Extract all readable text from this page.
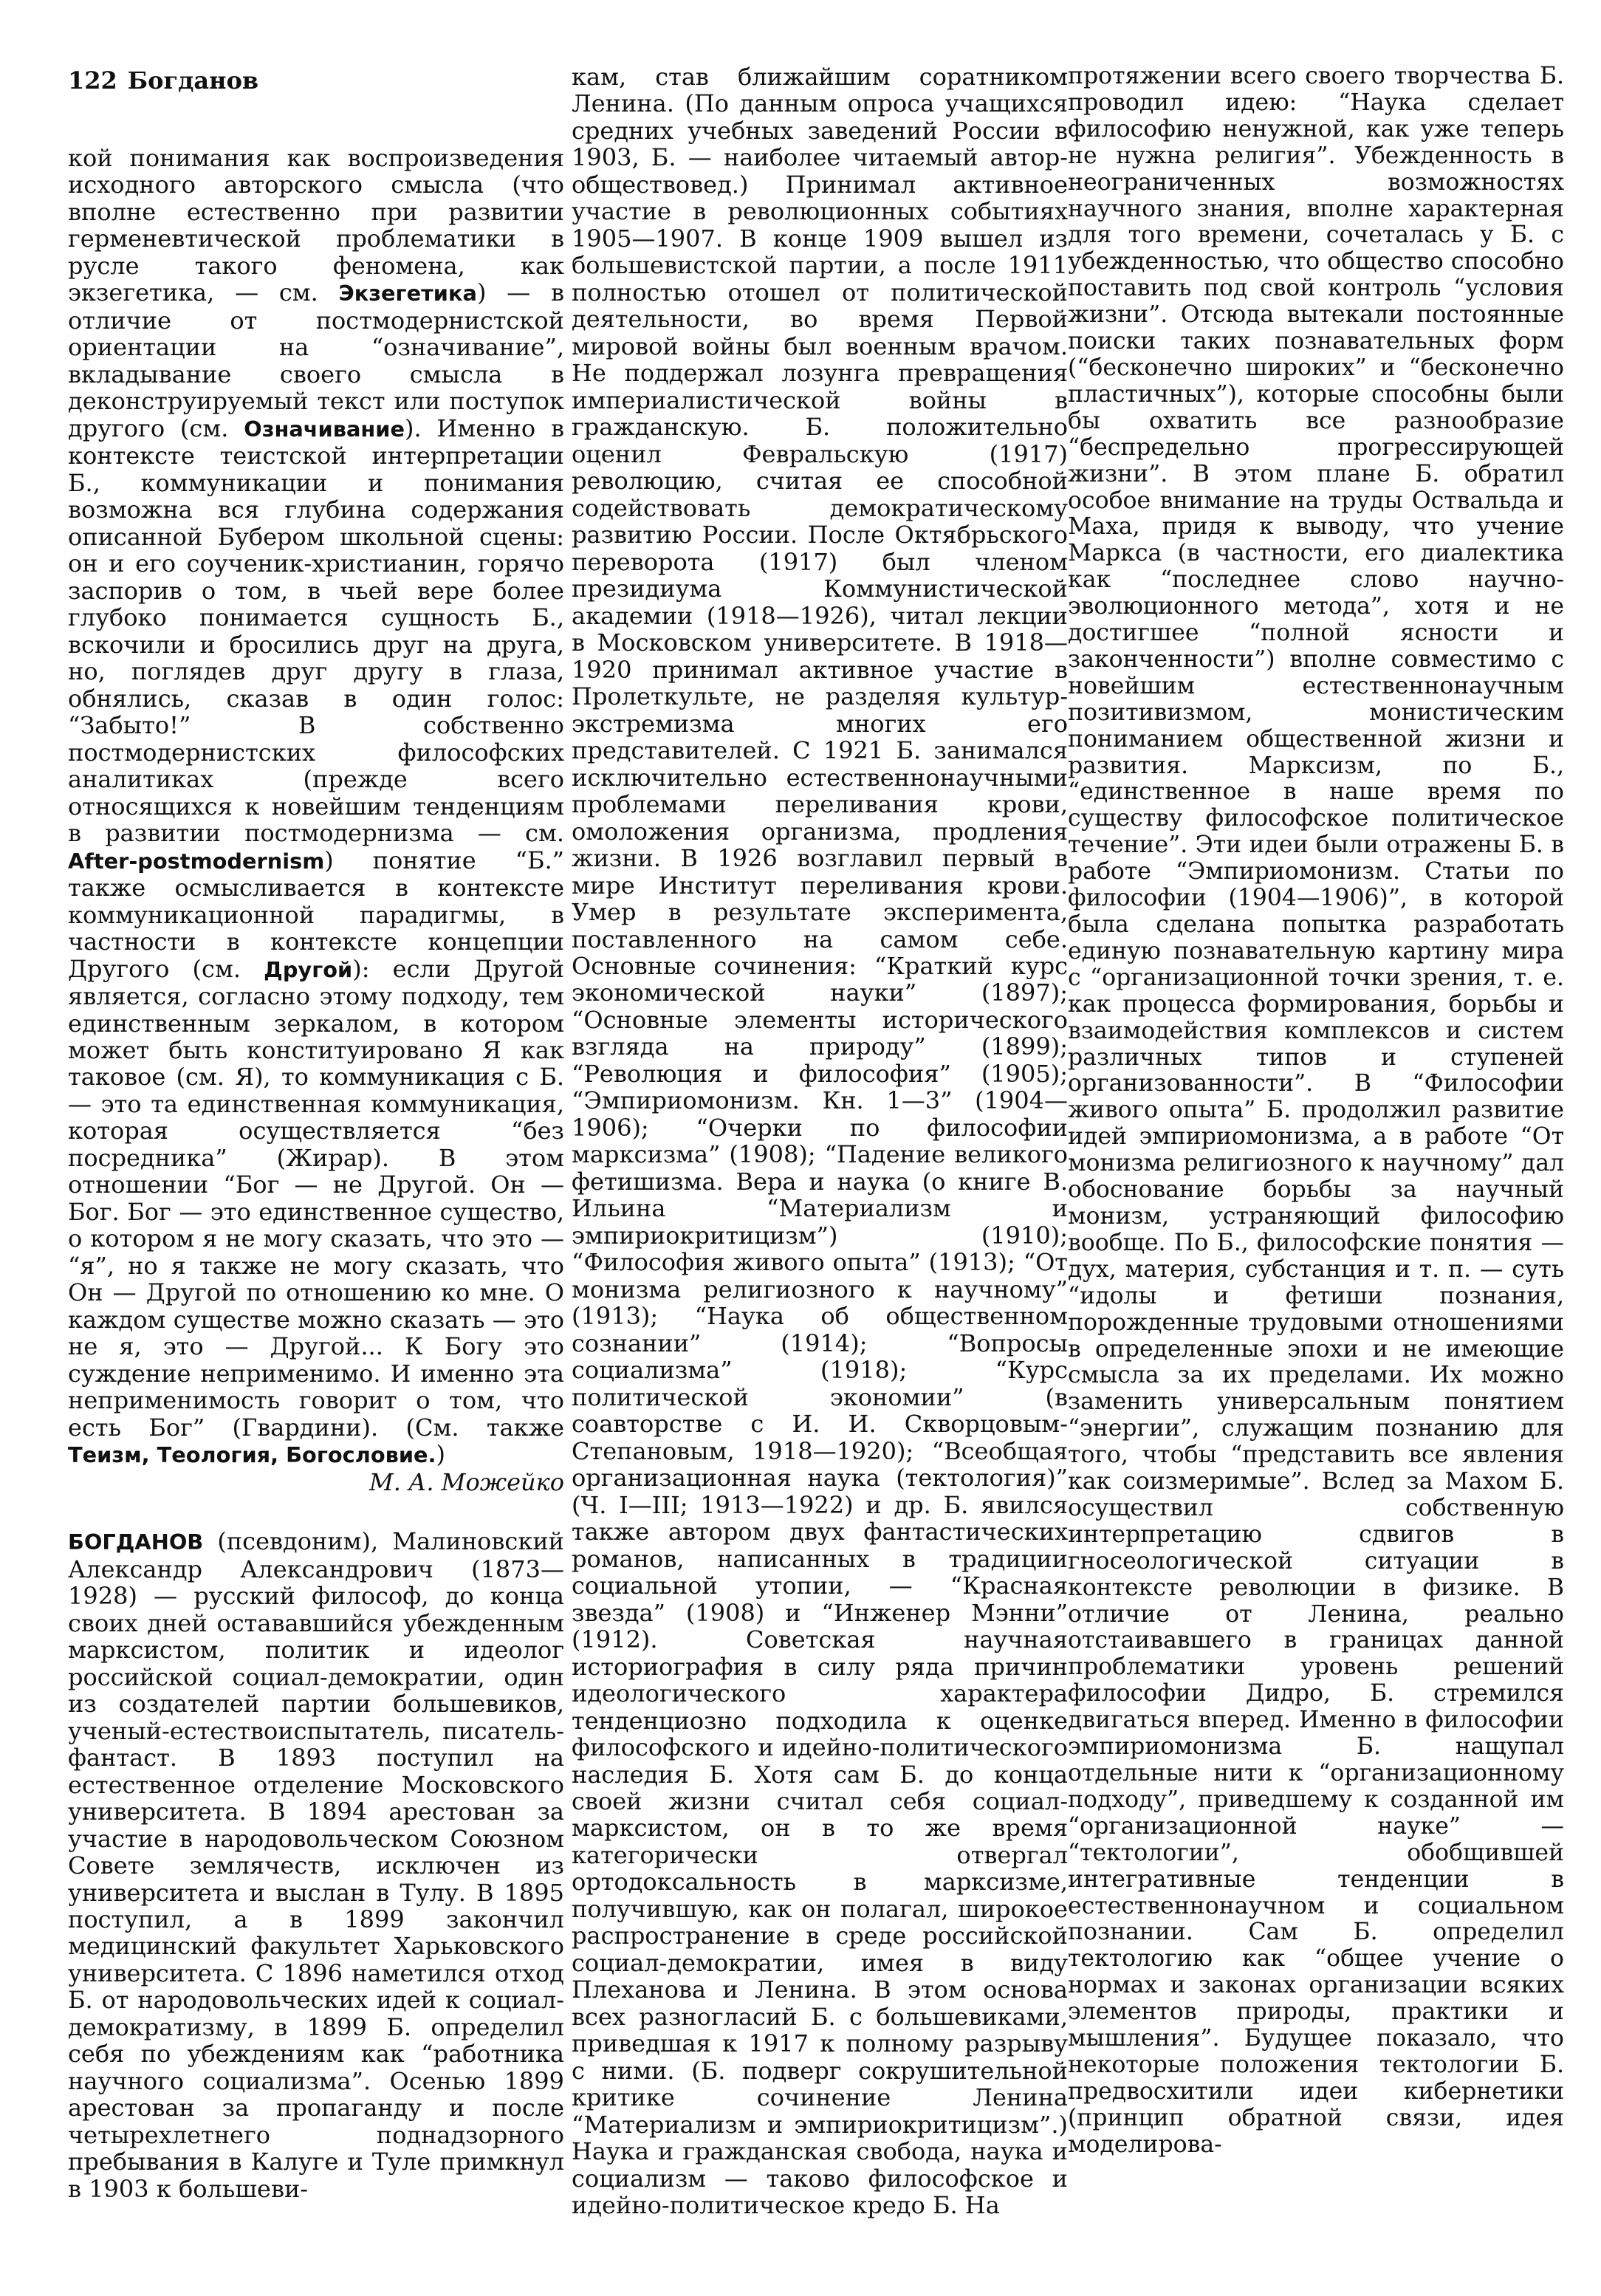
122 Богданов

кой понимания как воспроизведения исходного авторского смысла (что вполне естественно при развитии герменевтической проблематики в русле такого феномена, как экзегетика, — см. Экзегетика) — в отличие от постмодернистской ориентации на “означивание”, вкладывание своего смысла в деконструируемый текст или поступок другого (см. Означивание). Именно в контексте теистской интерпретации Б., коммуникации и понимания возможна вся глубина содержания описанной Бубером школьной сцены: он и его соученик-христианин, горячо заспорив о том, в чьей вере более глубоко понимается сущность Б., вскочили и бросились друг на друга, но, поглядев друг другу в глаза, обнялись, сказав в один голос: “Забыто!” В собственно постмодернистских философских аналитиках (прежде всего относящихся к новейшим тенденциям в развитии постмодернизма — см. After-postmodernism) понятие “Б.” также осмысливается в контексте коммуникационной парадигмы, в частности в контексте концепции Другого (см. Другой): если Другой является, согласно этому подходу, тем единственным зеркалом, в котором может быть конституировано Я как таковое (см. Я), то коммуникация с Б. — это та единственная коммуникация, которая осуществляется “без посредника” (Жирар). В этом отношении “Бог — не Другой. Он — Бог. Бог — это единственное существо, о котором я не могу сказать, что это — “я”, но я также не могу сказать, что Он — Другой по отношению ко мне. О каждом существе можно сказать — это не я, это — Другой... К Богу это суждение неприменимо. И именно эта неприменимость говорит о том, что есть Бог” (Гвардини). (См. также Теизм, Теология, Богословие.)

М. А. Можейко

БОГДАНОВ (псевдоним), Малиновский Александр Александрович (1873—1928) — русский философ, до конца своих дней остававшийся убежденным марксистом, политик и идеолог российской социал-демократии, один из создателей партии большевиков, ученый-естествоиспытатель, писатель-фантаст. В 1893 поступил на естественное отделение Московского университета. В 1894 арестован за участие в народовольческом Союзном Совете землячеств, исключен из университета и выслан в Тулу. В 1895 поступил, а в 1899 закончил медицинский факультет Харьковского университета. С 1896 наметился отход Б. от народовольческих идей к социал-демократизму, в 1899 Б. определил себя по убеждениям как “работника научного социализма”. Осенью 1899 арестован за пропаганду и после четырехлетнего поднадзорного пребывания в Калуге и Туле примкнул в 1903 к большеви-

кам, став ближайшим соратником Ленина. (По данным опроса учащихся средних учебных заведений России в 1903, Б. — наиболее читаемый автор-обществовед.) Принимал активное участие в революционных событиях 1905—1907. В конце 1909 вышел из большевистской партии, а после 1911 полностью отошел от политической деятельности, во время Первой мировой войны был военным врачом. Не поддержал лозунга превращения империалистической войны в гражданскую. Б. положительно оценил Февральскую (1917) революцию, считая ее способной содействовать демократическому развитию России. После Октябрьского переворота (1917) был членом президиума Коммунистической академии (1918—1926), читал лекции в Московском университете. В 1918—1920 принимал активное участие в Пролеткульте, не разделяя культур-экстремизма многих его представителей. С 1921 Б. занимался исключительно естественнонаучными проблемами переливания крови, омоложения организма, продления жизни. В 1926 возглавил первый в мире Институт переливания крови. Умер в результате эксперимента, поставленного на самом себе. Основные сочинения: “Краткий курс экономической науки” (1897); “Основные элементы исторического взгляда на природу” (1899); “Революция и философия” (1905); “Эмпириомонизм. Кн. 1—3” (1904—1906); “Очерки по философии марксизма” (1908); “Падение великого фетишизма. Вера и наука (о книге В. Ильина “Материализм и эмпириокритицизм”) (1910); “Философия живого опыта” (1913); “От монизма религиозного к научному” (1913); “Наука об общественном сознании” (1914); “Вопросы социализма” (1918); “Курс политической экономии” (в соавторстве с И. И. Скворцовым-Степановым, 1918—1920); “Всеобщая организационная наука (тектология)” (Ч. I—III; 1913—1922) и др. Б. явился также автором двух фантастических романов, написанных в традиции социальной утопии, — “Красная звезда” (1908) и “Инженер Мэнни” (1912). Советская научная историография в силу ряда причин идеологического характера тенденциозно подходила к оценке философского и идейно-политического наследия Б. Хотя сам Б. до конца своей жизни считал себя социал-марксистом, он в то же время категорически отвергал ортодоксальность в марксизме, получившую, как он полагал, широкое распространение в среде российской социал-демократии, имея в виду Плеханова и Ленина. В этом основа всех разногласий Б. с большевиками, приведшая к 1917 к полному разрыву с ними. (Б. подверг сокрушительной критике сочинение Ленина “Материализм и эмпириокритицизм”.) Наука и гражданская свобода, наука и социализм — таково философское и идейно-политическое кредо Б. На

протяжении всего своего творчества Б. проводил идею: “Наука сделает философию ненужной, как уже теперь не нужна религия”. Убежденность в неограниченных возможностях научного знания, вполне характерная для того времени, сочеталась у Б. с убежденностью, что общество способно поставить под свой контроль “условия жизни”. Отсюда вытекали постоянные поиски таких познавательных форм (“бесконечно широких” и “бесконечно пластичных”), которые способны были бы охватить все разнообразие “беспредельно прогрессирующей жизни”. В этом плане Б. обратил особое внимание на труды Оствальда и Маха, придя к выводу, что учение Маркса (в частности, его диалектика как “последнее слово научно-эволюционного метода”, хотя и не достигшее “полной ясности и законченности”) вполне совместимо с новейшим естественнонаучным позитивизмом, монистическим пониманием общественной жизни и развития. Марксизм, по Б., “единственное в наше время по существу философское политическое течение”. Эти идеи были отражены Б. в работе “Эмпириомонизм. Статьи по философии (1904—1906)”, в которой была сделана попытка разработать единую познавательную картину мира с “организационной точки зрения, т. е. как процесса формирования, борьбы и взаимодействия комплексов и систем различных типов и ступеней организованности”. В “Философии живого опыта” Б. продолжил развитие идей эмпириомонизма, а в работе “От монизма религиозного к научному” дал обоснование борьбы за научный монизм, устраняющий философию вообще. По Б., философские понятия — дух, материя, субстанция и т. п. — суть “идолы и фетиши познания, порожденные трудовыми отношениями в определенные эпохи и не имеющие смысла за их пределами. Их можно заменить универсальным понятием “энергии”, служащим познанию для того, чтобы “представить все явления как соизмеримые”. Вслед за Махом Б. осуществил собственную интерпретацию сдвигов в гносеологической ситуации в контексте революции в физике. В отличие от Ленина, реально отстаивавшего в границах данной проблематики уровень решений философии Дидро, Б. стремился двигаться вперед. Именно в философии эмпириомонизма Б. нащупал отдельные нити к “организационному подходу”, приведшему к созданной им “организационной науке” — “тектологии”, обобщившей интегративные тенденции в естественнонаучном и социальном познании. Сам Б. определил тектологию как “общее учение о нормах и законах организации всяких элементов природы, практики и мышления”. Будущее показало, что некоторые положения тектологии Б. предвосхитили идеи кибернетики (принцип обратной связи, идея моделирова-
